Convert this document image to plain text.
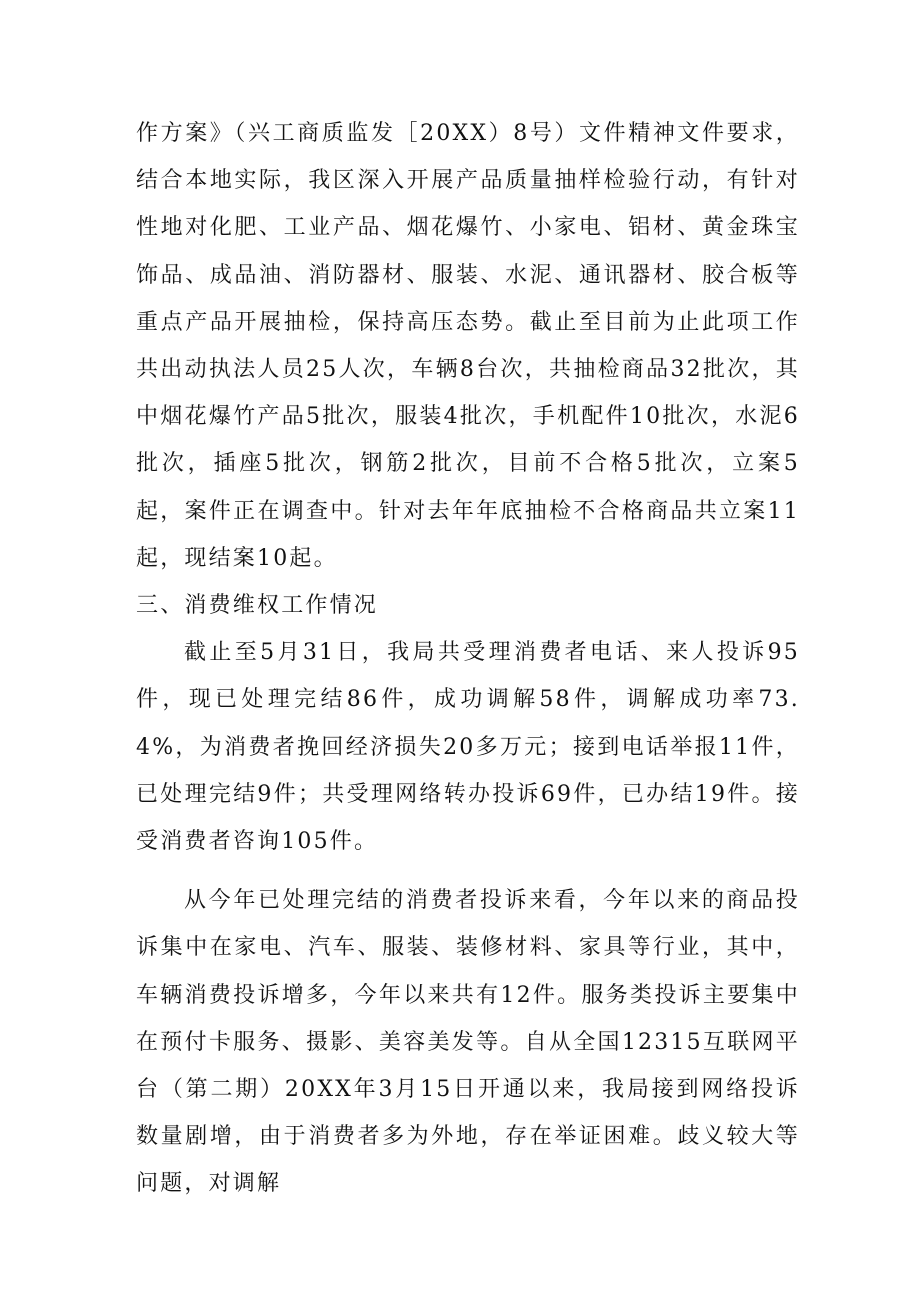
作方案》（兴工商质监发［20XX）8号）文件精神文件要求，结合本地实际，我区深入开展产品质量抽样检验行动，有针对性地对化肥、工业产品、烟花爆竹、小家电、铝材、黄金珠宝饰品、成品油、消防器材、服装、水泥、通讯器材、胶合板等重点产品开展抽检，保持高压态势。截止至目前为止此项工作共出动执法人员25人次，车辆8台次，共抽检商品32批次，其中烟花爆竹产品5批次，服装4批次，手机配件10批次，水泥6批次，插座5批次，钢筋2批次，目前不合格5批次，立案5起，案件正在调查中。针对去年年底抽检不合格商品共立案11起，现结案10起。

三、消费维权工作情况

截止至5月31日，我局共受理消费者电话、来人投诉95件，现已处理完结86件，成功调解58件，调解成功率73.4%，为消费者挽回经济损失20多万元；接到电话举报11件，已处理完结9件；共受理网络转办投诉69件，已办结19件。接受消费者咨询105件。

从今年已处理完结的消费者投诉来看，今年以来的商品投诉集中在家电、汽车、服装、装修材料、家具等行业，其中，车辆消费投诉增多，今年以来共有12件。服务类投诉主要集中在预付卡服务、摄影、美容美发等。自从全国12315互联网平台（第二期）20XX年3月15日开通以来，我局接到网络投诉数量剧增，由于消费者多为外地，存在举证困难。歧义较大等问题，对调解
